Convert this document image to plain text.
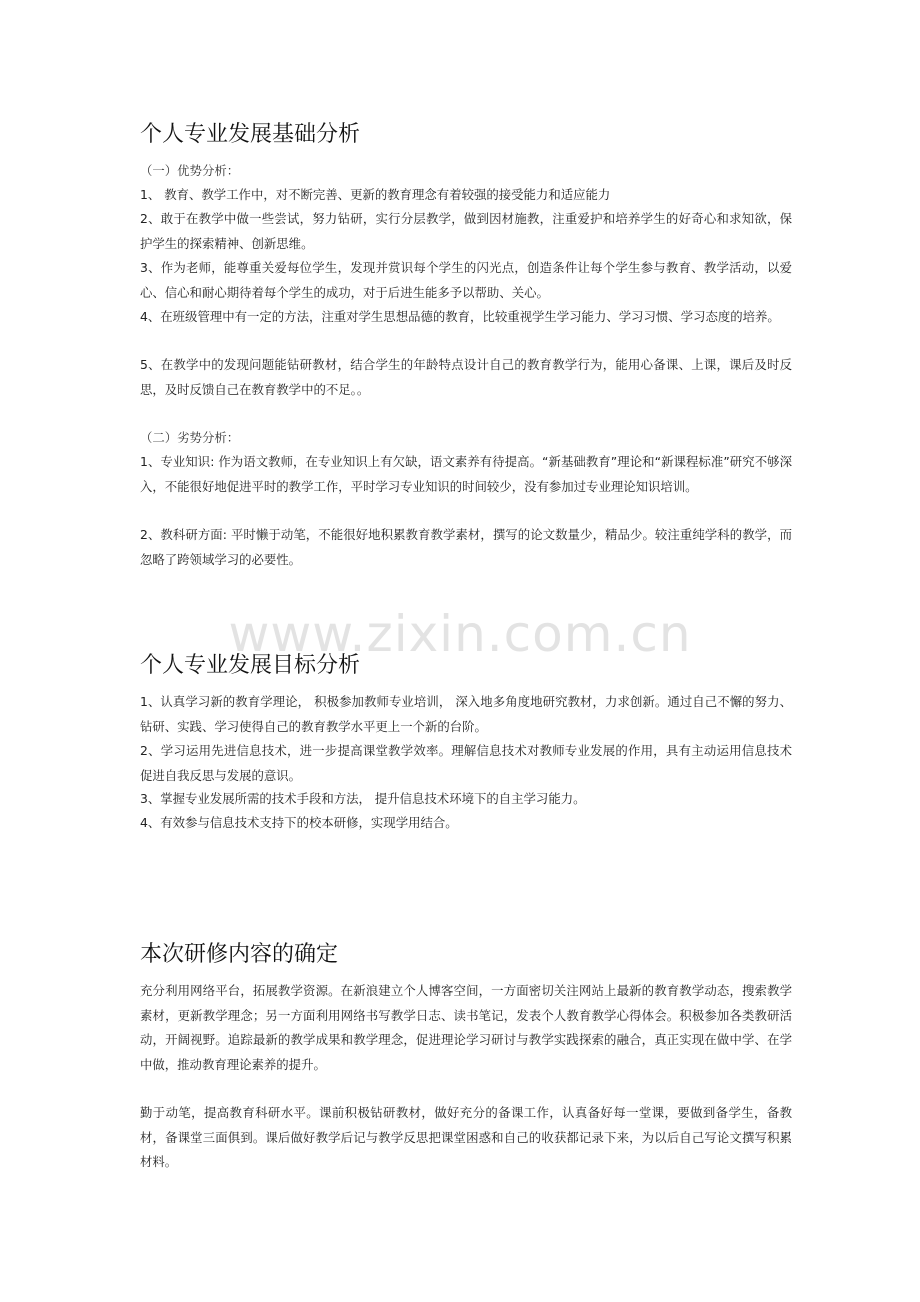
www.zixin.com.cn
个人专业发展基础分析

（一）优势分析：

1、 教育、教学工作中，对不断完善、更新的教育理念有着较强的接受能力和适应能力

2、敢于在教学中做一些尝试，努力钻研，实行分层教学，做到因材施教，注重爱护和培养学生的好奇心和求知欲，保护学生的探索精神、创新思维。

3、作为老师，能尊重关爱每位学生，发现并赏识每个学生的闪光点，创造条件让每个学生参与教育、教学活动，以爱心、信心和耐心期待着每个学生的成功，对于后进生能多予以帮助、关心。

4、在班级管理中有一定的方法，注重对学生思想品德的教育，比较重视学生学习能力、学习习惯、学习态度的培养。

5、在教学中的发现问题能钻研教材，结合学生的年龄特点设计自己的教育教学行为，能用心备课、上课，课后及时反思，及时反馈自己在教育教学中的不足。。

（二）劣势分析：

1、专业知识: 作为语文教师，在专业知识上有欠缺，语文素养有待提高。“新基础教育”理论和“新课程标准”研究不够深入，不能很好地促进平时的教学工作，平时学习专业知识的时间较少，没有参加过专业理论知识培训。

2、教科研方面: 平时懒于动笔，不能很好地积累教育教学素材，撰写的论文数量少，精品少。较注重纯学科的教学，而忽略了跨领域学习的必要性。

个人专业发展目标分析

1、认真学习新的教育学理论， 积极参加教师专业培训， 深入地多角度地研究教材，力求创新。通过自己不懈的努力、钻研、实践、学习使得自己的教育教学水平更上一个新的台阶。

2、学习运用先进信息技术，进一步提高课堂教学效率。理解信息技术对教师专业发展的作用，具有主动运用信息技术促进自我反思与发展的意识。

3、掌握专业发展所需的技术手段和方法， 提升信息技术环境下的自主学习能力。

4、有效参与信息技术支持下的校本研修，实现学用结合。

本次研修内容的确定

充分利用网络平台，拓展教学资源。在新浪建立个人博客空间，一方面密切关注网站上最新的教育教学动态，搜索教学素材，更新教学理念；另一方面利用网络书写教学日志、读书笔记，发表个人教育教学心得体会。积极参加各类教研活动，开阔视野。追踪最新的教学成果和教学理念，促进理论学习研讨与教学实践探索的融合，真正实现在做中学、在学中做，推动教育理论素养的提升。

勤于动笔，提高教育科研水平。课前积极钻研教材，做好充分的备课工作，认真备好每一堂课，要做到备学生，备教材，备课堂三面俱到。课后做好教学后记与教学反思把课堂困惑和自己的收获都记录下来，为以后自己写论文撰写积累材料。
